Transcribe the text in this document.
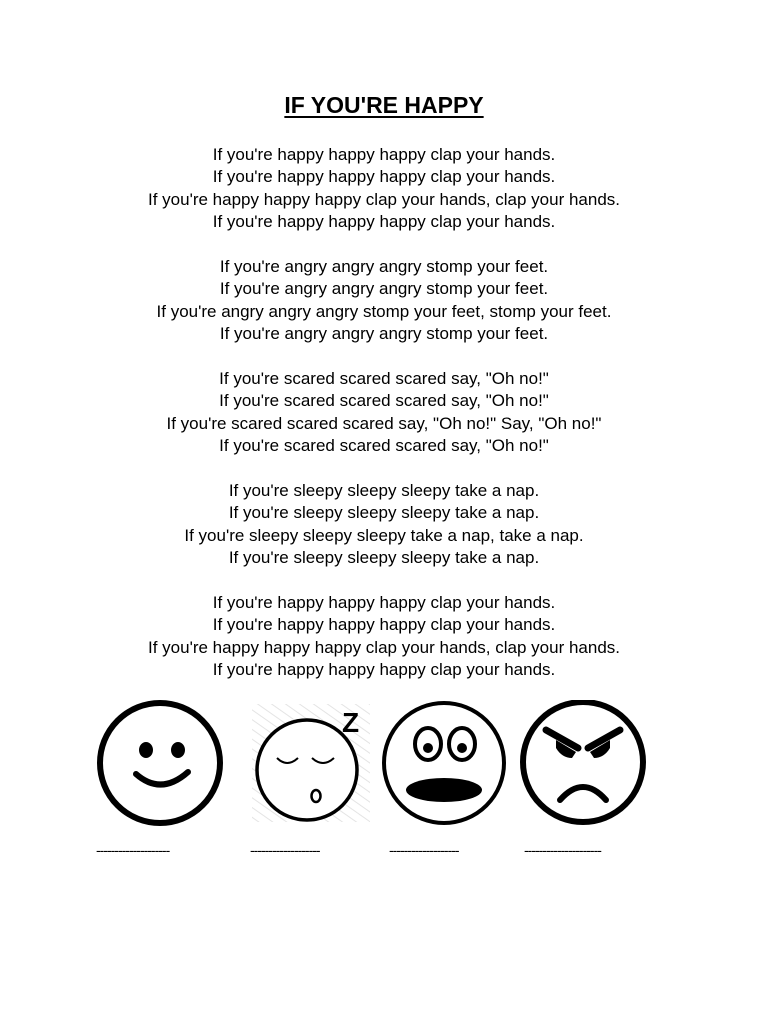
IF YOU'RE HAPPY

If you're happy happy happy clap your hands.
If you're happy happy happy clap your hands.
If you're happy happy happy clap your hands, clap your hands.
If you're happy happy happy clap your hands.

If you're angry angry angry stomp your feet.
If you're angry angry angry stomp your feet.
If you're angry angry angry stomp your feet, stomp your feet.
If you're angry angry angry stomp your feet.

If you're scared scared scared say, "Oh no!"
If you're scared scared scared say, "Oh no!"
If you're scared scared scared say, "Oh no!" Say, "Oh no!"
If you're scared scared scared say, "Oh no!"

If you're sleepy sleepy sleepy take a nap.
If you're sleepy sleepy sleepy take a nap.
If you're sleepy sleepy sleepy take a nap, take a nap.
If you're sleepy sleepy sleepy take a nap.

If you're happy happy happy clap your hands.
If you're happy happy happy clap your hands.
If you're happy happy happy clap your hands, clap your hands.
If you're happy happy happy clap your hands.

Z
--------------------	-------------------	-------------------	---------------------
